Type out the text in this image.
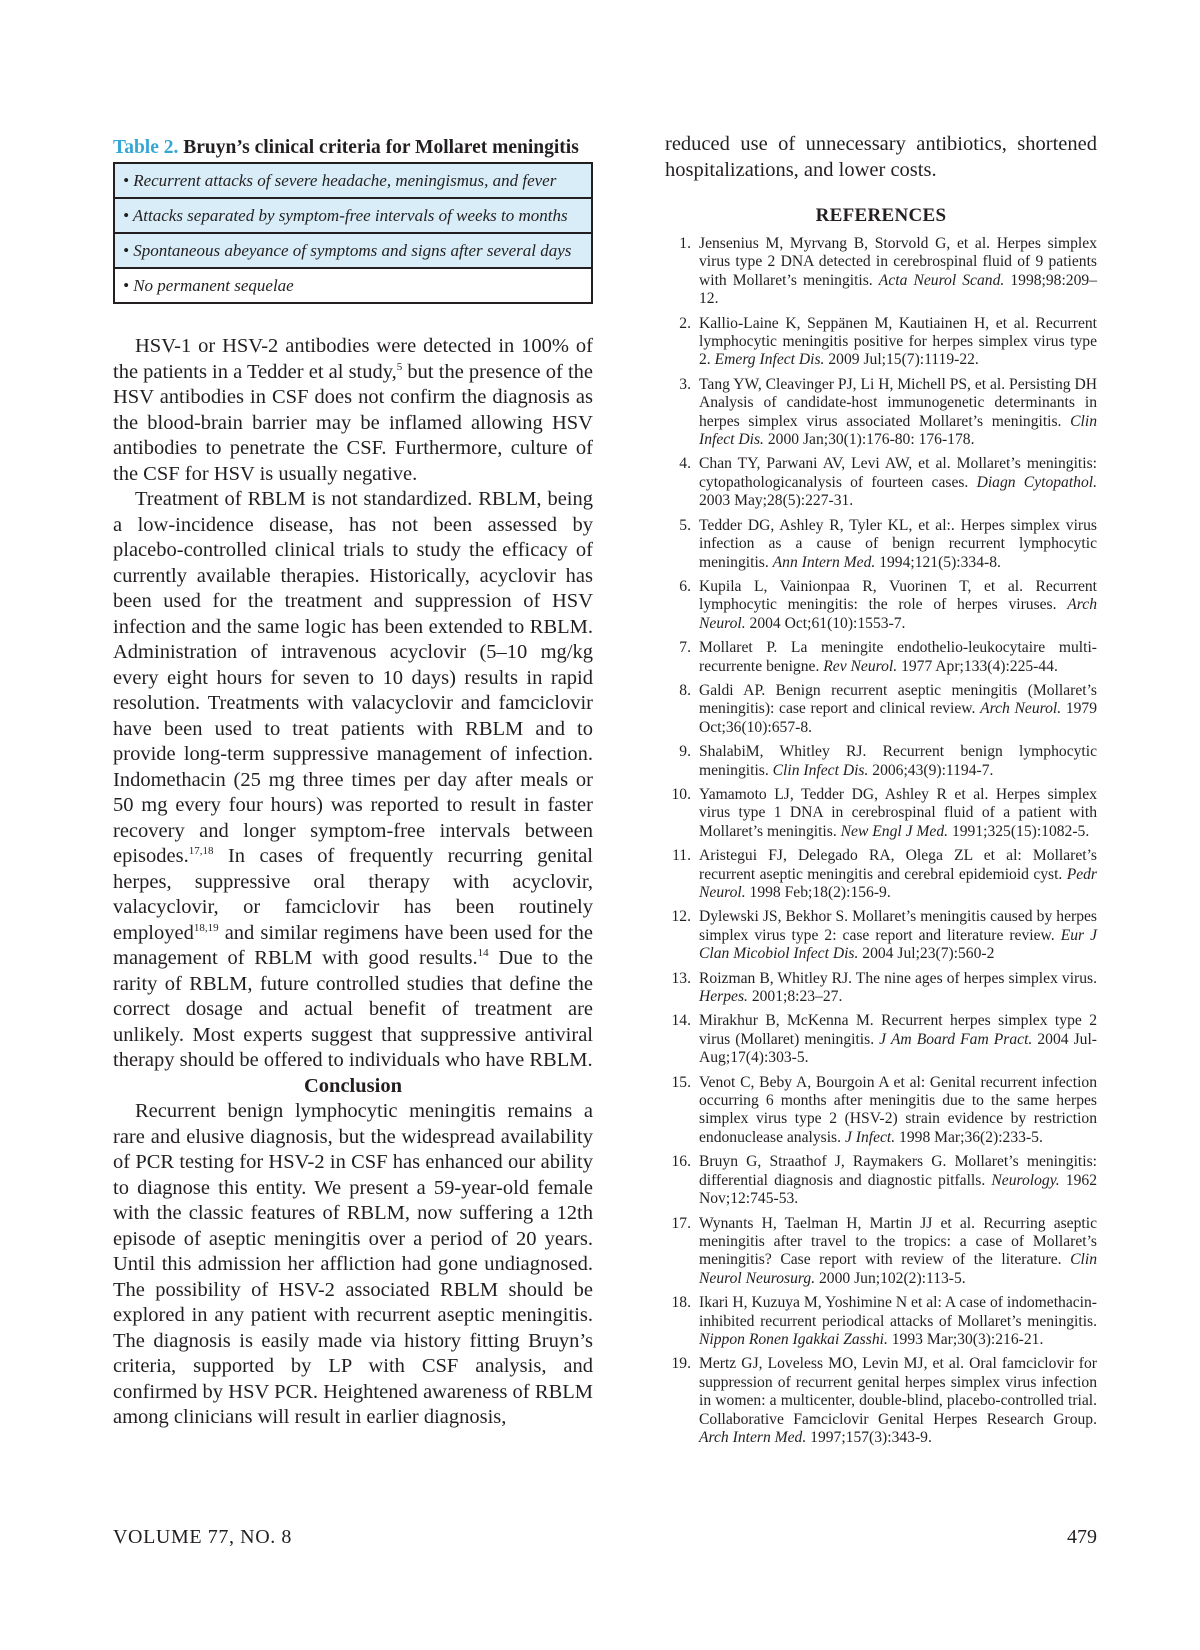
Table 2. Bruyn’s clinical criteria for Mollaret meningitis
• Recurrent attacks of severe headache, meningismus, and fever
• Attacks separated by symptom-free intervals of weeks to months
• Spontaneous abeyance of symptoms and signs after several days
• No permanent sequelae

HSV-1 or HSV-2 antibodies were detected in 100% of the patients in a Tedder et al study,$^5$ but the presence of the HSV antibodies in CSF does not confirm the diagnosis as the blood-brain barrier may be inflamed allowing HSV antibodies to penetrate the CSF. Furthermore, culture of the CSF for HSV is usually negative.

Treatment of RBLM is not standardized. RBLM, being a low-incidence disease, has not been assessed by placebo-controlled clinical trials to study the efficacy of currently available therapies. Historically, acyclovir has been used for the treatment and suppression of HSV infection and the same logic has been extended to RBLM. Administration of intravenous acyclovir (5–10 mg/kg every eight hours for seven to 10 days) results in rapid resolution. Treatments with valacyclovir and famciclovir have been used to treat patients with RBLM and to provide long-term suppressive management of infection. Indomethacin (25 mg three times per day after meals or 50 mg every four hours) was reported to result in faster recovery and longer symptom-free intervals between episodes.$^{17,18}$ In cases of frequently recurring genital herpes, suppressive oral therapy with acyclovir, valacyclovir, or famciclovir has been routinely employed$^{18,19}$ and similar regimens have been used for the management of RBLM with good results.$^{14}$ Due to the rarity of RBLM, future controlled studies that define the correct dosage and actual benefit of treatment are unlikely. Most experts suggest that suppressive antiviral therapy should be offered to individuals who have RBLM.

Conclusion

Recurrent benign lymphocytic meningitis remains a rare and elusive diagnosis, but the widespread availability of PCR testing for HSV-2 in CSF has enhanced our ability to diagnose this entity. We present a 59-year-old female with the classic features of RBLM, now suffering a 12th episode of aseptic meningitis over a period of 20 years. Until this admission her affliction had gone undiagnosed. The possibility of HSV-2 associated RBLM should be explored in any patient with recurrent aseptic meningitis. The diagnosis is easily made via history fitting Bruyn’s criteria, supported by LP with CSF analysis, and confirmed by HSV PCR. Heightened awareness of RBLM among clinicians will result in earlier diagnosis,

reduced use of unnecessary antibiotics, shortened hospitalizations, and lower costs.

REFERENCES
1. Jensenius M, Myrvang B, Storvold G, et al. Herpes simplex virus type 2 DNA detected in cerebrospinal fluid of 9 patients with Mollaret’s meningitis. Acta Neurol Scand. 1998;98:209–12.
2. Kallio-Laine K, Seppänen M, Kautiainen H, et al. Recurrent lymphocytic meningitis positive for herpes simplex virus type 2. Emerg Infect Dis. 2009 Jul;15(7):1119-22.
3. Tang YW, Cleavinger PJ, Li H, Michell PS, et al. Persisting DH Analysis of candidate-host immunogenetic determinants in herpes simplex virus associated Mollaret’s meningitis. Clin Infect Dis. 2000 Jan;30(1):176-80: 176-178.
4. Chan TY, Parwani AV, Levi AW, et al. Mollaret’s meningitis: cytopathologicanalysis of fourteen cases. Diagn Cytopathol. 2003 May;28(5):227-31.
5. Tedder DG, Ashley R, Tyler KL, et al:. Herpes simplex virus infection as a cause of benign recurrent lymphocytic meningitis. Ann Intern Med. 1994;121(5):334-8.
6. Kupila L, Vainionpaa R, Vuorinen T, et al. Recurrent lymphocytic meningitis: the role of herpes viruses. Arch Neurol. 2004 Oct;61(10):1553-7.
7. Mollaret P. La meningite endothelio-leukocytaire multi-recurrente benigne. Rev Neurol. 1977 Apr;133(4):225-44.
8. Galdi AP. Benign recurrent aseptic meningitis (Mollaret’s meningitis): case report and clinical review. Arch Neurol. 1979 Oct;36(10):657-8.
9. ShalabiM, Whitley RJ. Recurrent benign lymphocytic meningitis. Clin Infect Dis. 2006;43(9):1194-7.
10. Yamamoto LJ, Tedder DG, Ashley R et al. Herpes simplex virus type 1 DNA in cerebrospinal fluid of a patient with Mollaret’s meningitis. New Engl J Med. 1991;325(15):1082-5.
11. Aristegui FJ, Delegado RA, Olega ZL et al: Mollaret’s recurrent aseptic meningitis and cerebral epidemioid cyst. Pedr Neurol. 1998 Feb;18(2):156-9.
12. Dylewski JS, Bekhor S. Mollaret’s meningitis caused by herpes simplex virus type 2: case report and literature review. Eur J Clan Micobiol Infect Dis. 2004 Jul;23(7):560-2
13. Roizman B, Whitley RJ. The nine ages of herpes simplex virus. Herpes. 2001;8:23–27.
14. Mirakhur B, McKenna M. Recurrent herpes simplex type 2 virus (Mollaret) meningitis. J Am Board Fam Pract. 2004 Jul-Aug;17(4):303-5.
15. Venot C, Beby A, Bourgoin A et al: Genital recurrent infection occurring 6 months after meningitis due to the same herpes simplex virus type 2 (HSV-2) strain evidence by restriction endonuclease analysis. J Infect. 1998 Mar;36(2):233-5.
16. Bruyn G, Straathof J, Raymakers G. Mollaret’s meningitis: differential diagnosis and diagnostic pitfalls. Neurology. 1962 Nov;12:745-53.
17. Wynants H, Taelman H, Martin JJ et al. Recurring aseptic meningitis after travel to the tropics: a case of Mollaret’s meningitis? Case report with review of the literature. Clin Neurol Neurosurg. 2000 Jun;102(2):113-5.
18. Ikari H, Kuzuya M, Yoshimine N et al: A case of indomethacin-inhibited recurrent periodical attacks of Mollaret’s meningitis. Nippon Ronen Igakkai Zasshi. 1993 Mar;30(3):216-21.
19. Mertz GJ, Loveless MO, Levin MJ, et al. Oral famciclovir for suppression of recurrent genital herpes simplex virus infection in women: a multicenter, double-blind, placebo-controlled trial. Collaborative Famciclovir Genital Herpes Research Group. Arch Intern Med. 1997;157(3):343-9.
VOLUME 77, NO. 8	479
